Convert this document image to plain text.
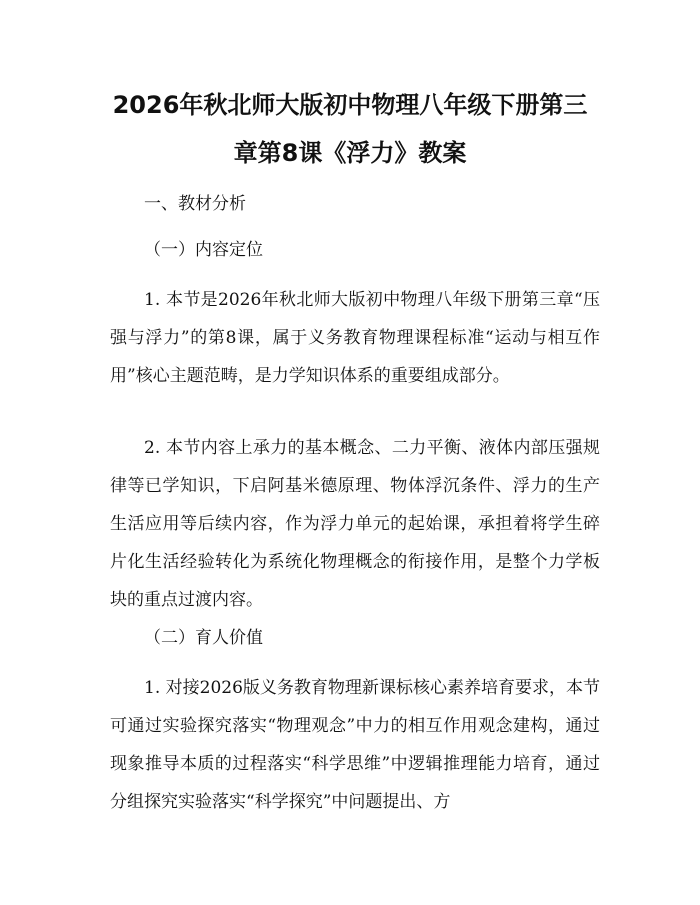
2026年秋北师大版初中物理八年级下册第三
章第8课《浮力》教案

一、教材分析

（一）内容定位

1. 本节是2026年秋北师大版初中物理八年级下册第三章“压强与浮力”的第8课，属于义务教育物理课程标准“运动与相互作用”核心主题范畴，是力学知识体系的重要组成部分。

2. 本节内容上承力的基本概念、二力平衡、液体内部压强规律等已学知识，下启阿基米德原理、物体浮沉条件、浮力的生产生活应用等后续内容，作为浮力单元的起始课，承担着将学生碎片化生活经验转化为系统化物理概念的衔接作用，是整个力学板块的重点过渡内容。

（二）育人价值

1. 对接2026版义务教育物理新课标核心素养培育要求，本节可通过实验探究落实“物理观念”中力的相互作用观念建构，通过现象推导本质的过程落实“科学思维”中逻辑推理能力培育，通过分组探究实验落实“科学探究”中问题提出、方
